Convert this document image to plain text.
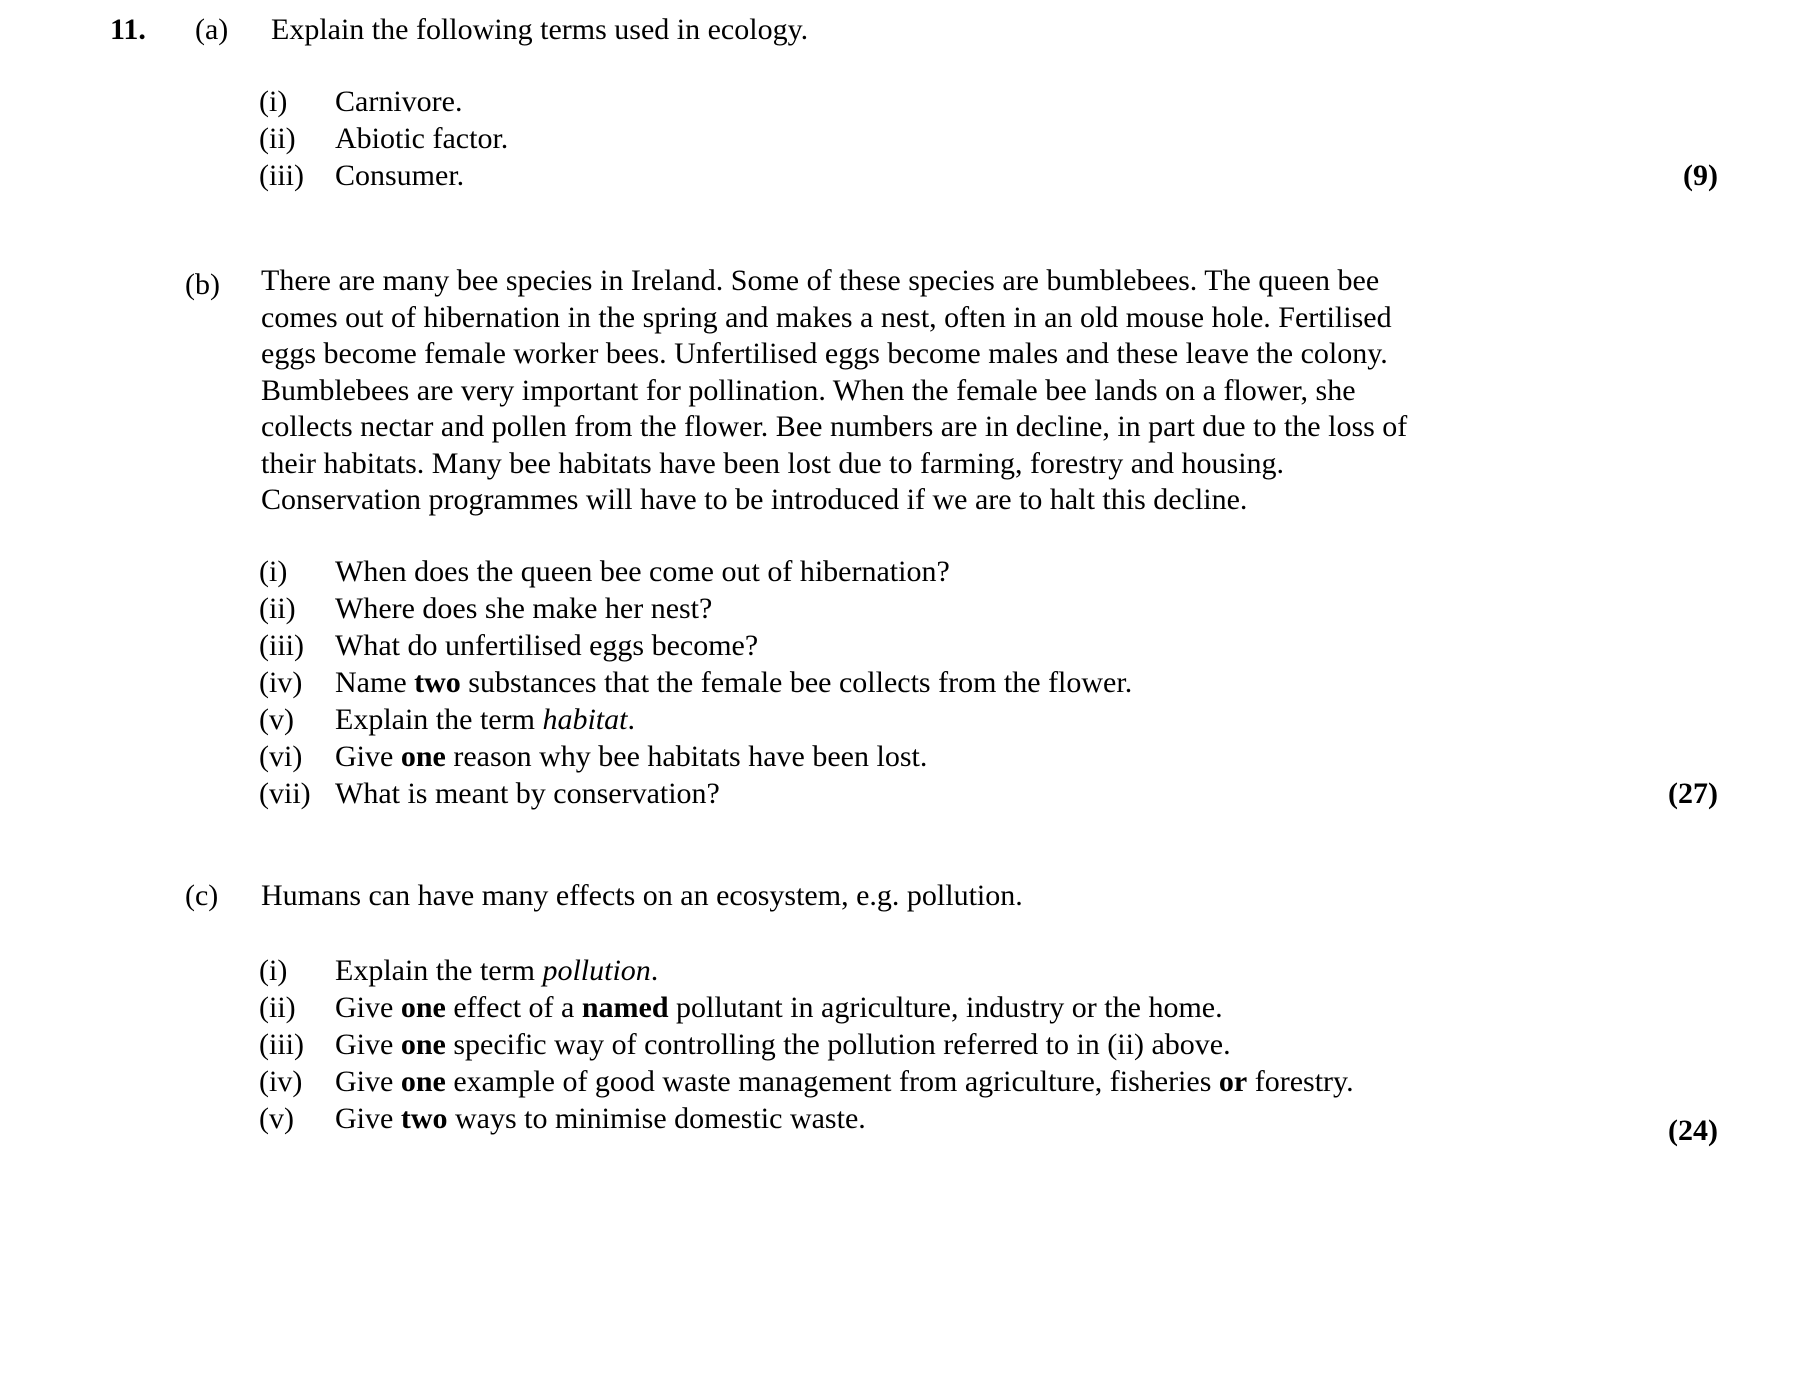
11.	(a)	Explain the following terms used in ecology.
(i)	Carnivore.
(ii)	Abiotic factor.
(iii)	Consumer.	(9)
(b)	There are many bee species in Ireland. Some of these species are bumblebees. The queen bee comes out of hibernation in the spring and makes a nest, often in an old mouse hole. Fertilised eggs become female worker bees. Unfertilised eggs become males and these leave the colony. Bumblebees are very important for pollination. When the female bee lands on a flower, she collects nectar and pollen from the flower. Bee numbers are in decline, in part due to the loss of their habitats. Many bee habitats have been lost due to farming, forestry and housing. Conservation programmes will have to be introduced if we are to halt this decline.
(i)	When does the queen bee come out of hibernation?
(ii)	Where does she make her nest?
(iii)	What do unfertilised eggs become?
(iv)	Name two substances that the female bee collects from the flower.
(v)	Explain the term habitat.
(vi)	Give one reason why bee habitats have been lost.
(vii) What is meant by conservation?	(27)
(c)	Humans can have many effects on an ecosystem, e.g. pollution.
(i)	Explain the term pollution.
(ii)	Give one effect of a named pollutant in agriculture, industry or the home.
(iii)	Give one specific way of controlling the pollution referred to in (ii) above.
(iv)	Give one example of good waste management from agriculture, fisheries or forestry.
(v)	Give two ways to minimise domestic waste.	(24)
